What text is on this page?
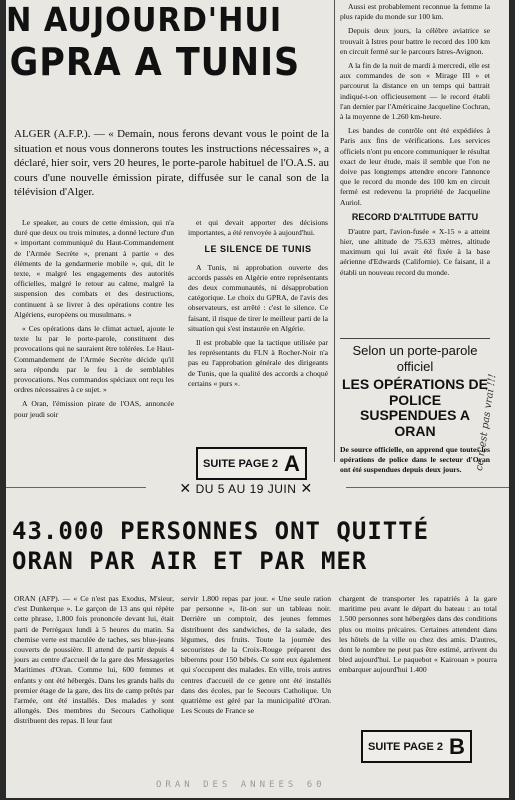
N AUJOURD'HUI
GPRA A TUNIS
ALGER (A.F.P.). — « Demain, nous ferons devant vous le point de la situation et nous vous donnerons toutes les instructions nécessaires », a déclaré, hier soir, vers 20 heures, le porte-parole habituel de l'O.A.S. au cours d'une nouvelle émission pirate, diffusée sur le canal son de la télévision d'Alger.

Le speaker, au cours de cette émission, qui n'a duré que deux ou trois minutes, a donné lecture d'un « important communiqué du Haut-Commandement de l'Armée Secrète », prenant à partie « des éléments de la gendarmerie mobile », qui, dit le texte, « malgré les engagements des autorités officielles, malgré le retour au calme, malgré la suspension des combats et des destructions, continuent à se livrer à des opérations contre les Algériens, européens ou musulmans. »

« Ces opérations dans le climat actuel, ajoute le texte lu par le porte-parole, constituent des provocations qui ne sauraient être tolérées. Le Haut-Commandement de l'Armée Secrète décide qu'il sera répondu par le feu à de semblables provocations. Nos commandos spéciaux ont reçu les ordres nécessaires à ce sujet. »

A Oran, l'émission pirate de l'OAS, annoncée pour jeudi soir

et qui devait apporter des décisions importantes, a été renvoyée à aujourd'hui.

LE SILENCE DE TUNIS

A Tunis, ni approbation ouverte des accords passés en Algérie entre représentants des deux communautés, ni désapprobation catégorique. Le choix du GPRA, de l'avis des observateurs, est arrêté : c'est le silence. Ce faisant, il risque de tirer le meilleur parti de la situation qui s'est instaurée en Algérie.

Il est probable que la tactique utilisée par les représentants du FLN à Rocher-Noir n'a pas eu l'approbation générale des dirigeants de Tunis, que la qualité des accords a choqué certains « purs ».

SUITE PAGE 2 A

Aussi est probablement reconnue la femme la plus rapide du monde sur 100 km.

Depuis deux jours, la célèbre aviatrice se trouvait à Istres pour battre le record des 100 km en circuit fermé sur le parcours Istres-Avignon.

A la fin de la nuit de mardi à mercredi, elle est aux commandes de son « Mirage III » et parcourut la distance en un temps qui battrait indiqué-t-on officieusement — le record établi l'an dernier par l'Américaine Jacqueline Cochran, à la moyenne de 1.260 km-heure.

Les bandes de contrôle ont été expédiées à Paris aux fins de vérifications. Les services officiels n'ont pu encore communiquer le résultat exact de leur étude, mais il semble que l'on ne doive pas longtemps attendre encore l'annonce que le record du monde des 100 km en circuit fermé est redevenu la propriété de Jacqueline Auriol.

RECORD D'ALTITUDE BATTU

D'autre part, l'avion-fusée « X-15 » a atteint hier, une altitude de 75.633 mètres, altitude maximum qui lui avait été fixée à la base aérienne d'Edwards (Californie). Ce faisant, il a établi un nouveau record du monde.

Selon un porte-parole officiel
LES OPÉRATIONS DE POLICE SUSPENDUES A ORAN
De source officielle, on apprend que toutes les opérations de police dans le secteur d'Oran ont été suspendues depuis deux jours.	ce n'est pas vrai !!!
✕ DU 5 AU 19 JUIN ✕
43.000 PERSONNES ONT QUITTÉ
ORAN PAR AIR ET PAR MER
ORAN (AFP). — « Ce n'est pas Exodus, M'sieur, c'est Dunkerque ». Le garçon de 13 ans qui répète cette phrase, 1.800 fois prononcée devant lui, était parti de Perrégaux lundi à 5 heures du matin. Sa chemise verte est maculée de taches, ses blue-jeans couverts de poussière. Il attend de partir depuis 4 jours au centre d'accueil de la gare des Messageries Maritimes d'Oran. Comme lui, 600 femmes et enfants y ont été hébergés. Dans les grands halls du premier étage de la gare, des lits de camp prêtés par l'armée, ont été installés. Des malades y sont allongés. Des membres du Secours Catholique distribuent des repas. Il leur faut
servir 1.800 repas par jour. « Une seule ration par personne », lit-on sur un tableau noir. Derrière un comptoir, des jeunes femmes distribuent des sandwiches, de la salade, des légumes, des fruits. Toute la journée des secouristes de la Croix-Rouge préparent des biberons pour 150 bébés. Ce sont eux également qui s'occupent des malades. En ville, trois autres centres d'accueil de ce genre ont été installés dans des écoles, par le Secours Catholique. Un quatrième est géré par la municipalité d'Oran. Les Scouts de France se
chargent de transporter les rapatriés à la gare maritime peu avant le départ du bateau : au total 1.500 personnes sont hébergées dans des conditions plus ou moins précaires. Certaines attendent dans les hôtels de la ville ou chez des amis. D'autres, dont le nombre ne peut pas être estimé, arrivent du bled aujourd'hui. Le paquebot « Kairouan » pourra embarquer aujourd'hui 1.400
SUITE PAGE 2 B
ORAN DES ANNEES 60
